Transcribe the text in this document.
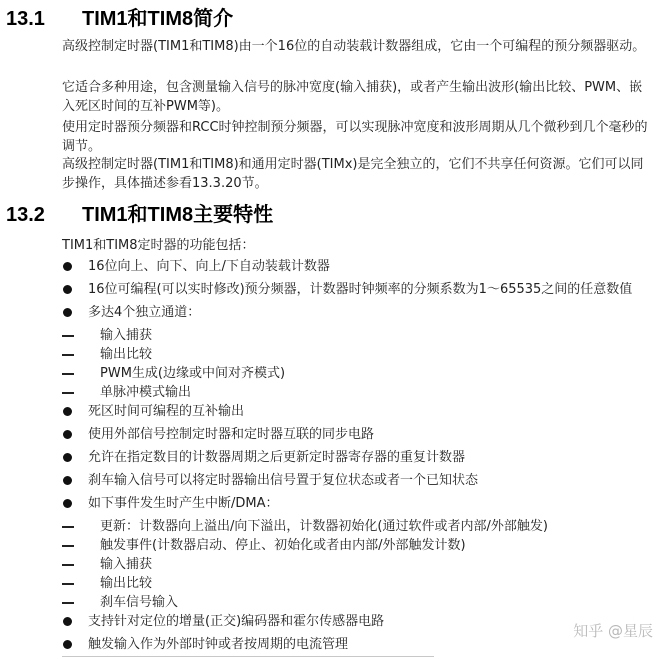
13.1 TIM1和TIM8简介

高级控制定时器(TIM1和TIM8)由一个16位的自动装载计数器组成，它由一个可编程的预分频器驱动。

它适合多种用途，包含测量输入信号的脉冲宽度(输入捕获)，或者产生输出波形(输出比较、PWM、嵌入死区时间的互补PWM等)。

使用定时器预分频器和RCC时钟控制预分频器，可以实现脉冲宽度和波形周期从几个微秒到几个毫秒的调节。

高级控制定时器(TIM1和TIM8)和通用定时器(TIMx)是完全独立的，它们不共享任何资源。它们可以同步操作，具体描述参看13.3.20节。

13.2 TIM1和TIM8主要特性

TIM1和TIM8定时器的功能包括：

16位向上、向下、向上/下自动装载计数器
16位可编程(可以实时修改)预分频器，计数器时钟频率的分频系数为1～65535之间的任意数值
多达4个独立通道：
输入捕获
输出比较
PWM生成(边缘或中间对齐模式)
单脉冲模式输出
死区时间可编程的互补输出
使用外部信号控制定时器和定时器互联的同步电路
允许在指定数目的计数器周期之后更新定时器寄存器的重复计数器
刹车输入信号可以将定时器输出信号置于复位状态或者一个已知状态
如下事件发生时产生中断/DMA：
更新：计数器向上溢出/向下溢出，计数器初始化(通过软件或者内部/外部触发)
触发事件(计数器启动、停止、初始化或者由内部/外部触发计数)
输入捕获
输出比较
刹车信号输入
支持针对定位的增量(正交)编码器和霍尔传感器电路
触发输入作为外部时钟或者按周期的电流管理
知乎 @星辰
